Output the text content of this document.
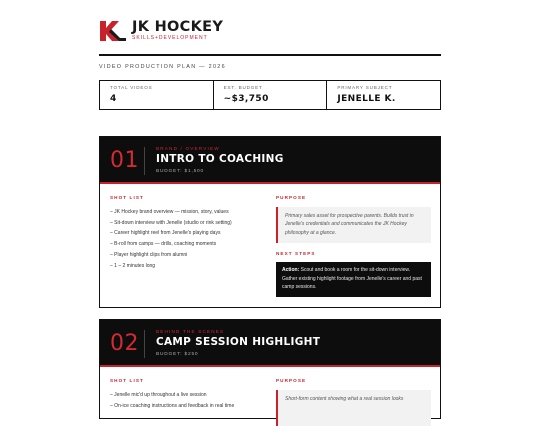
JK HOCKEY
SKILLS+DEVELOPMENT
VIDEO PRODUCTION PLAN — 2026
TOTAL VIDEOS
4
EST. BUDGET
~$3,750
PRIMARY SUBJECT
JENELLE K.
01	BRAND / OVERVIEW
INTRO TO COACHING
BUDGET: $1,500
SHOT LIST
– JK Hockey brand overview — mission, story, values
– Sit-down interview with Jenelle (studio or rink setting)
– Career highlight reel from Jenelle's playing days
– B-roll from camps — drills, coaching moments
– Player highlight clips from alumni
– 1 – 2 minutes long
PURPOSE
Primary sales asset for prospective parents. Builds trust in Jenelle's credentials and communicates the JK Hockey philosophy at a glance.
NEXT STEPS
Action: Scout and book a room for the sit-down interview. Gather existing highlight footage from Jenelle's career and past camp sessions.
02	BEHIND THE SCENES
CAMP SESSION HIGHLIGHT
BUDGET: $250
SHOT LIST
– Jenelle mic'd up throughout a live session
– On-ice coaching instructions and feedback in real time
PURPOSE
Short-form content showing what a real session looks
